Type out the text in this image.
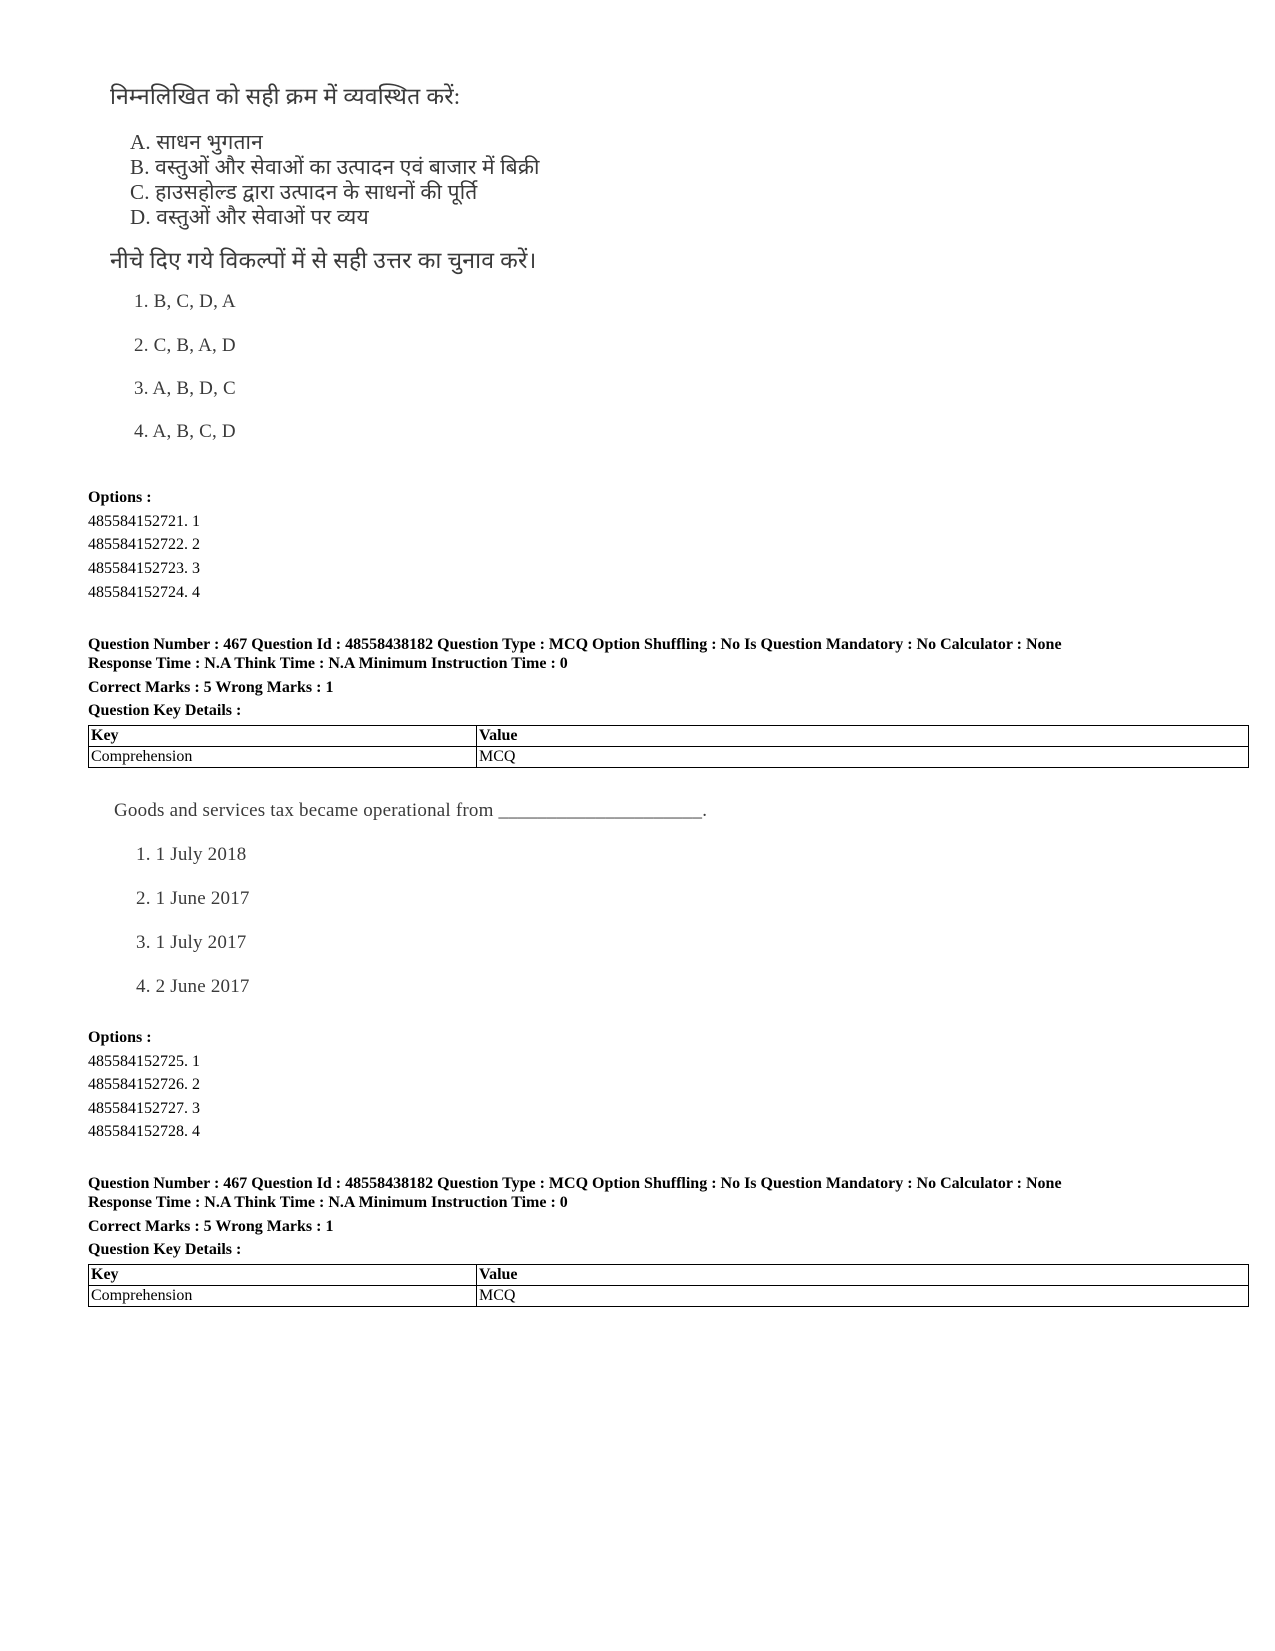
निम्नलिखित को सही क्रम में व्यवस्थित करें:
A. साधन भुगतान
B. वस्तुओं और सेवाओं का उत्पादन एवं बाजार में बिक्री
C. हाउसहोल्ड द्वारा उत्पादन के साधनों की पूर्ति
D. वस्तुओं और सेवाओं पर व्यय
नीचे दिए गये विकल्पों में से सही उत्तर का चुनाव करें।
1. B, C, D, A
2. C, B, A, D
3. A, B, D, C
4. A, B, C, D
Options :
485584152721. 1
485584152722. 2
485584152723. 3
485584152724. 4
Question Number : 467 Question Id : 48558438182 Question Type : MCQ Option Shuffling : No Is Question Mandatory : No Calculator : None
Response Time : N.A Think Time : N.A Minimum Instruction Time : 0
Correct Marks : 5 Wrong Marks : 1
Question Key Details :
Key	Value
Comprehension	MCQ
Goods and services tax became operational from _____________________.
1. 1 July 2018
2. 1 June 2017
3. 1 July 2017
4. 2 June 2017
Options :
485584152725. 1
485584152726. 2
485584152727. 3
485584152728. 4
Question Number : 467 Question Id : 48558438182 Question Type : MCQ Option Shuffling : No Is Question Mandatory : No Calculator : None
Response Time : N.A Think Time : N.A Minimum Instruction Time : 0
Correct Marks : 5 Wrong Marks : 1
Question Key Details :
Key	Value
Comprehension	MCQ
